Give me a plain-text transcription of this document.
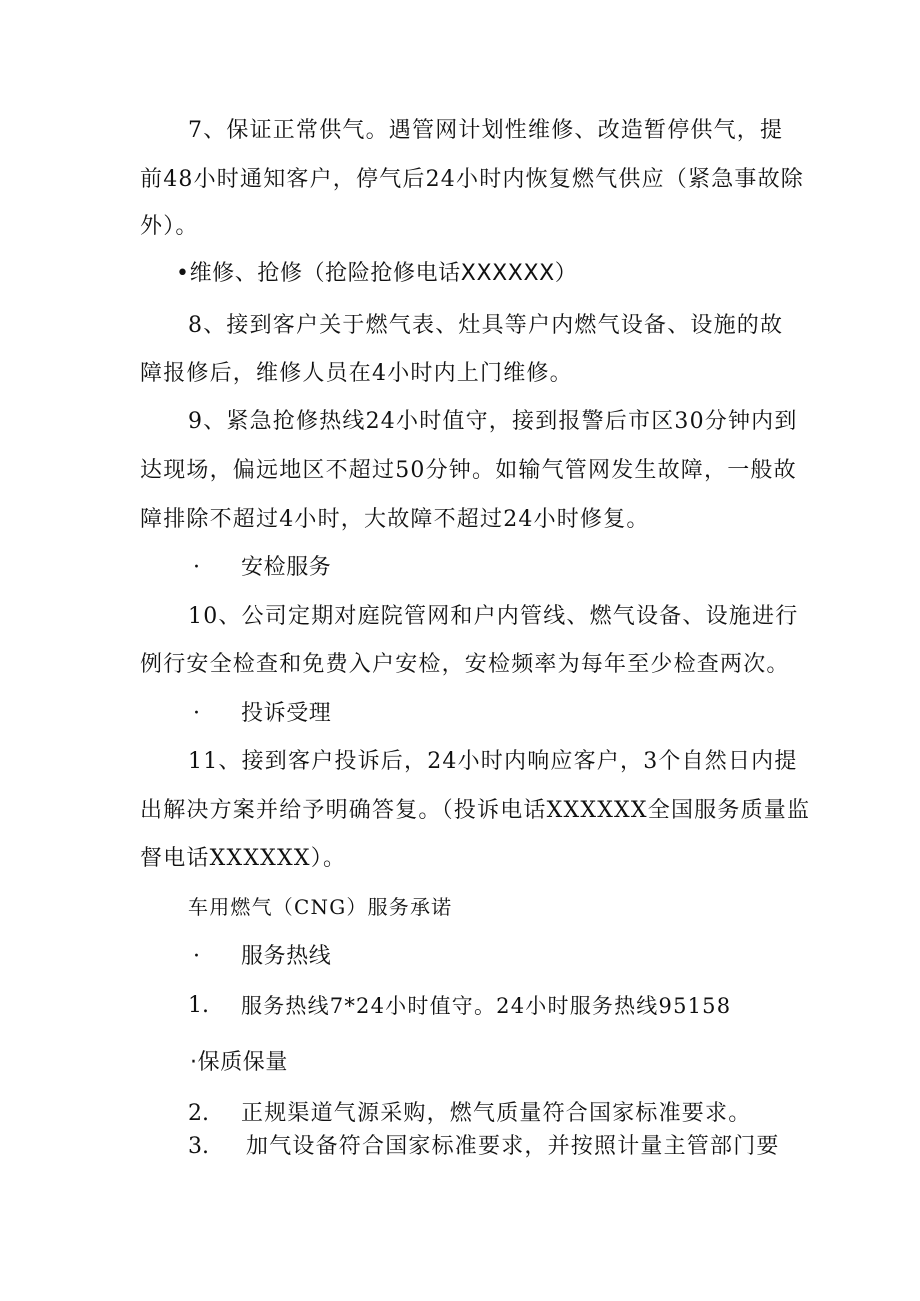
7、保证正常供气。遇管网计划性维修、改造暂停供气，提
前48小时通知客户，停气后24小时内恢复燃气供应（紧急事故除
外）。
•维修、抢修（抢险抢修电话XXXXXX）
8、接到客户关于燃气表、灶具等户内燃气设备、设施的故
障报修后，维修人员在4小时内上门维修。
9、紧急抢修热线24小时值守，接到报警后市区30分钟内到
达现场，偏远地区不超过50分钟。如输气管网发生故障，一般故
障排除不超过4小时，大故障不超过24小时修复。
· 安检服务
10、公司定期对庭院管网和户内管线、燃气设备、设施进行
例行安全检查和免费入户安检，安检频率为每年至少检查两次。
· 投诉受理
11、接到客户投诉后，24小时内响应客户，3个自然日内提
出解决方案并给予明确答复。（投诉电话XXXXXX全国服务质量监
督电话XXXXXX）。
车用燃气（CNG）服务承诺
· 服务热线
1. 服务热线7*24小时值守。24小时服务热线95158
·保质保量
2. 正规渠道气源采购，燃气质量符合国家标准要求。
3. 加气设备符合国家标准要求，并按照计量主管部门要
